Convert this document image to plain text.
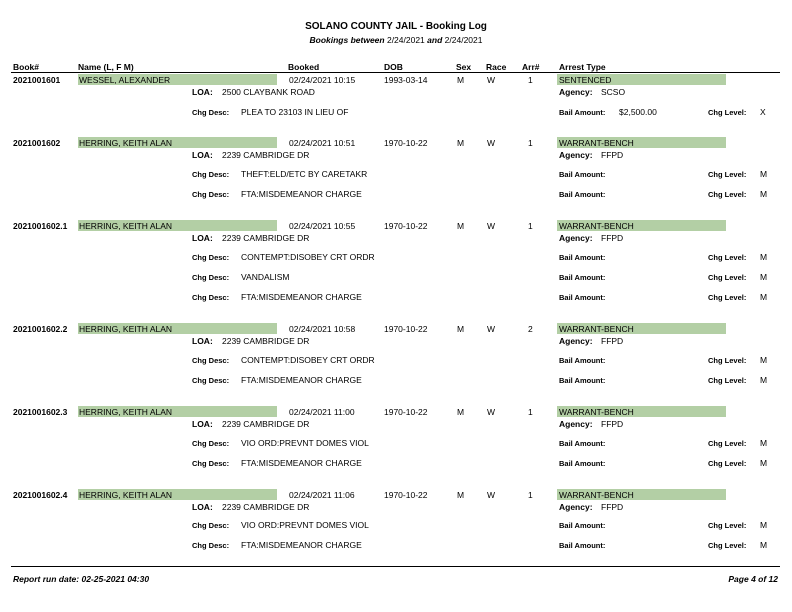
SOLANO COUNTY JAIL - Booking Log
Bookings between 2/24/2021 and 2/24/2021
Book#	Name (L, F M)	Booked	DOB	Sex Race Arr# Arrest Type
2021001601 WESSEL, ALEXANDER	02/24/2021 10:15	1993-03-14	M	W	1	SENTENCED
LOA: 2500 CLAYBANK ROAD	Agency: SCSO
Chg Desc: PLEA TO 23103 IN LIEU OF	Bail Amount: $2,500.00	Chg Level: X
2021001602 HERRING, KEITH ALAN	02/24/2021 10:51	1970-10-22	M	W	1	WARRANT-BENCH
LOA: 2239 CAMBRIDGE DR	Agency: FFPD
Chg Desc: THEFT:ELD/ETC BY CARETAKR	Bail Amount:	Chg Level: M
Chg Desc: FTA:MISDEMEANOR CHARGE	Bail Amount:	Chg Level: M
2021001602.1 HERRING, KEITH ALAN	02/24/2021 10:55	1970-10-22	M	W	1	WARRANT-BENCH
LOA: 2239 CAMBRIDGE DR	Agency: FFPD
Chg Desc: CONTEMPT:DISOBEY CRT ORDR	Bail Amount:	Chg Level: M
Chg Desc: VANDALISM	Bail Amount:	Chg Level: M
Chg Desc: FTA:MISDEMEANOR CHARGE	Bail Amount:	Chg Level: M
2021001602.2 HERRING, KEITH ALAN	02/24/2021 10:58	1970-10-22	M	W	2	WARRANT-BENCH
LOA: 2239 CAMBRIDGE DR	Agency: FFPD
Chg Desc: CONTEMPT:DISOBEY CRT ORDR	Bail Amount:	Chg Level: M
Chg Desc: FTA:MISDEMEANOR CHARGE	Bail Amount:	Chg Level: M
2021001602.3 HERRING, KEITH ALAN	02/24/2021 11:00	1970-10-22	M	W	1	WARRANT-BENCH
LOA: 2239 CAMBRIDGE DR	Agency: FFPD
Chg Desc: VIO ORD:PREVNT DOMES VIOL	Bail Amount:	Chg Level: M
Chg Desc: FTA:MISDEMEANOR CHARGE	Bail Amount:	Chg Level: M
2021001602.4 HERRING, KEITH ALAN	02/24/2021 11:06	1970-10-22	M	W	1	WARRANT-BENCH
LOA: 2239 CAMBRIDGE DR	Agency: FFPD
Chg Desc: VIO ORD:PREVNT DOMES VIOL	Bail Amount:	Chg Level: M
Chg Desc: FTA:MISDEMEANOR CHARGE	Bail Amount:	Chg Level: M
Report run date: 02-25-2021 04:30	Page 4 of 12
